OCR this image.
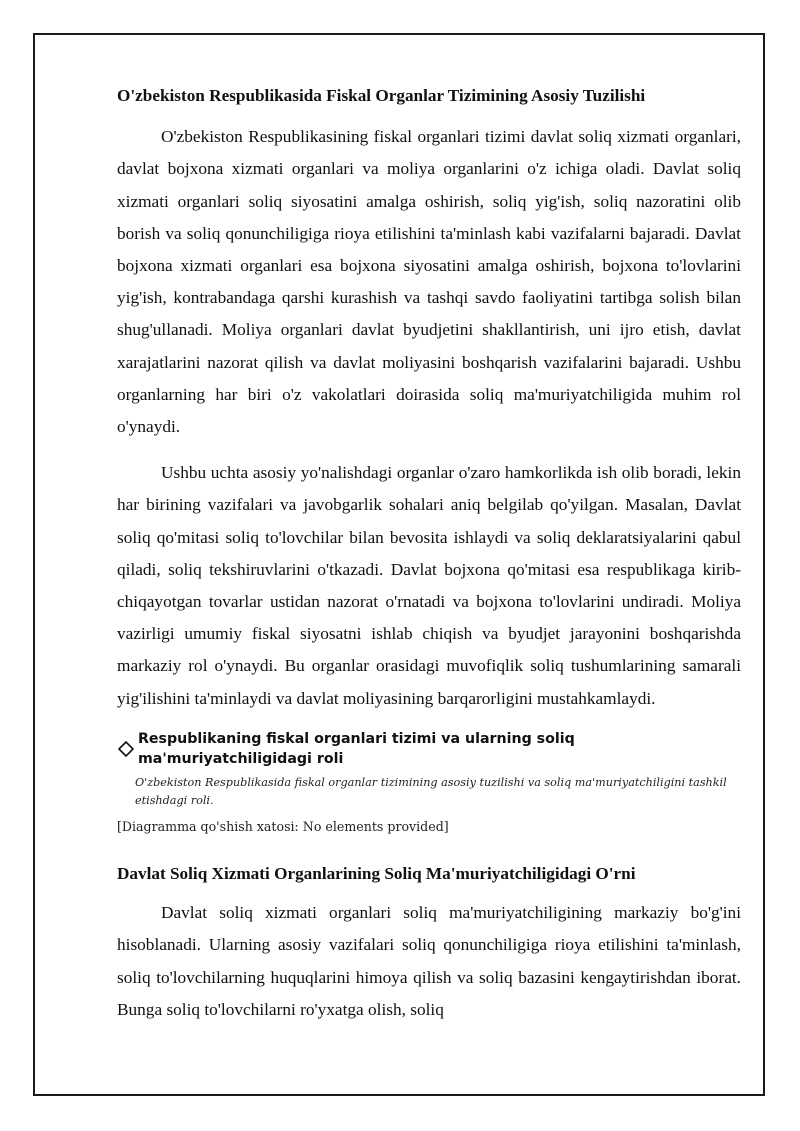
O'zbekiston Respublikasida Fiskal Organlar Tizimining Asosiy Tuzilishi

O'zbekiston Respublikasining fiskal organlari tizimi davlat soliq xizmati organlari, davlat bojxona xizmati organlari va moliya organlarini o'z ichiga oladi. Davlat soliq xizmati organlari soliq siyosatini amalga oshirish, soliq yig'ish, soliq nazoratini olib borish va soliq qonunchiligiga rioya etilishini ta'minlash kabi vazifalarni bajaradi. Davlat bojxona xizmati organlari esa bojxona siyosatini amalga oshirish, bojxona to'lovlarini yig'ish, kontrabandaga qarshi kurashish va tashqi savdo faoliyatini tartibga solish bilan shug'ullanadi. Moliya organlari davlat byudjetini shakllantirish, uni ijro etish, davlat xarajatlarini nazorat qilish va davlat moliyasini boshqarish vazifalarini bajaradi. Ushbu organlarning har biri o'z vakolatlari doirasida soliq ma'muriyatchiligida muhim rol o'ynaydi.

Ushbu uchta asosiy yo'nalishdagi organlar o'zaro hamkorlikda ish olib boradi, lekin har birining vazifalari va javobgarlik sohalari aniq belgilab qo'yilgan. Masalan, Davlat soliq qo'mitasi soliq to'lovchilar bilan bevosita ishlaydi va soliq deklaratsiyalarini qabul qiladi, soliq tekshiruvlarini o'tkazadi. Davlat bojxona qo'mitasi esa respublikaga kirib-chiqayotgan tovarlar ustidan nazorat o'rnatadi va bojxona to'lovlarini undiradi. Moliya vazirligi umumiy fiskal siyosatni ishlab chiqish va byudjet jarayonini boshqarishda markaziy rol o'ynaydi. Bu organlar orasidagi muvofiqlik soliq tushumlarining samarali yig'ilishini ta'minlaydi va davlat moliyasining barqarorligini mustahkamlaydi.

Respublikaning fiskal organlari tizimi va ularning soliq ma'muriyatchiligidagi roli
O'zbekiston Respublikasida fiskal organlar tizimining asosiy tuzilishi va soliq ma'muriyatchiligini tashkil etishdagi roli.
[Diagramma qo'shish xatosi: No elements provided]
Davlat Soliq Xizmati Organlarining Soliq Ma'muriyatchiligidagi O'rni

Davlat soliq xizmati organlari soliq ma'muriyatchiligining markaziy bo'g'ini hisoblanadi. Ularning asosiy vazifalari soliq qonunchiligiga rioya etilishini ta'minlash, soliq to'lovchilarning huquqlarini himoya qilish va soliq bazasini kengaytirishdan iborat. Bunga soliq to'lovchilarni ro'yxatga olish, soliq
